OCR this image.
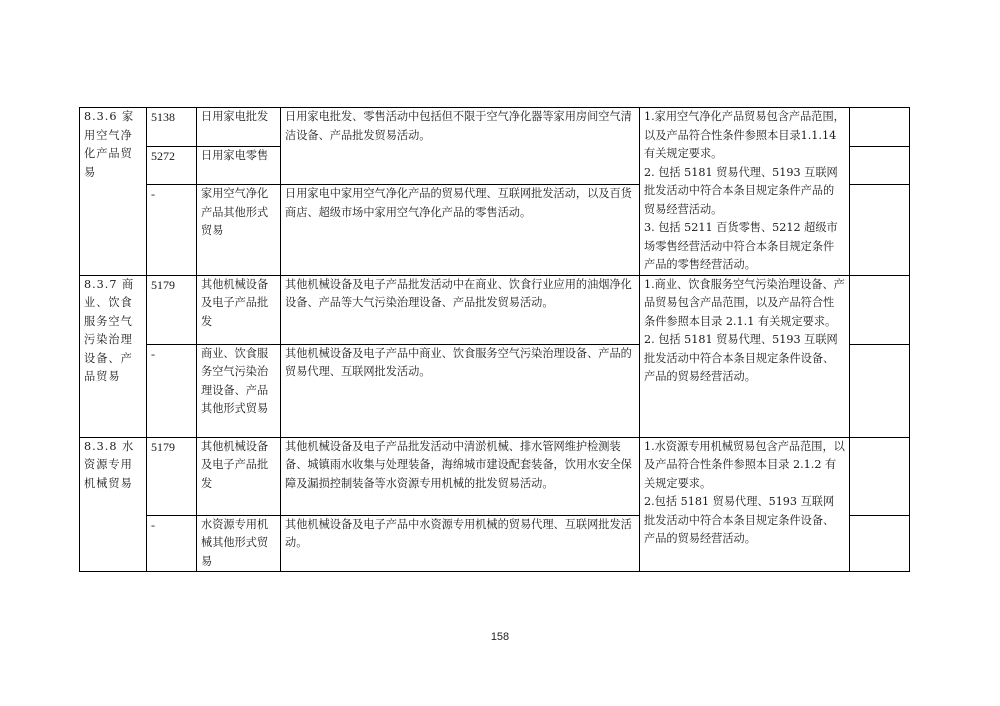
8.3.6 家用空气净化产品贸易	5138	日用家电批发	日用家电批发、零售活动中包括但不限于空气净化器等家用房间空气清洁设备、产品批发贸易活动。	1.家用空气净化产品贸易包含产品范围，以及产品符合性条件参照本目录1.1.14 有关规定要求。
2. 包括 5181 贸易代理、5193 互联网批发活动中符合本条目规定条件产品的贸易经营活动。
3. 包括 5211 百货零售、5212 超级市场零售经营活动中符合本条目规定条件产品的零售经营活动。	

	5272	日用家电零售			
	-	家用空气净化产品其他形式贸易	日用家电中家用空气净化产品的贸易代理、互联网批发活动，以及百货商店、超级市场中家用空气净化产品的零售活动。		
8.3.7 商业、饮食服务空气污染治理设备、产品贸易	5179	其他机械设备及电子产品批发	其他机械设备及电子产品批发活动中在商业、饮食行业应用的油烟净化设备、产品等大气污染治理设备、产品批发贸易活动。	1.商业、饮食服务空气污染治理设备、产品贸易包含产品范围，以及产品符合性条件参照本目录 2.1.1 有关规定要求。
2. 包括 5181 贸易代理、5193 互联网批发活动中符合本条目规定条件设备、产品的贸易经营活动。	

	-	商业、饮食服务空气污染治理设备、产品其他形式贸易	其他机械设备及电子产品中商业、饮食服务空气污染治理设备、产品的贸易代理、互联网批发活动。		
8.3.8 水资源专用机械贸易	5179	其他机械设备及电子产品批发	其他机械设备及电子产品批发活动中清淤机械、排水管网维护检测装备、城镇雨水收集与处理装备，海绵城市建设配套装备，饮用水安全保障及漏损控制装备等水资源专用机械的批发贸易活动。	1.水资源专用机械贸易包含产品范围，以及产品符合性条件参照本目录 2.1.2 有关规定要求。
2.包括 5181 贸易代理、5193 互联网批发活动中符合本条目规定条件设备、产品的贸易经营活动。	

	-	水资源专用机械其他形式贸易	其他机械设备及电子产品中水资源专用机械的贸易代理、互联网批发活动。		
158
